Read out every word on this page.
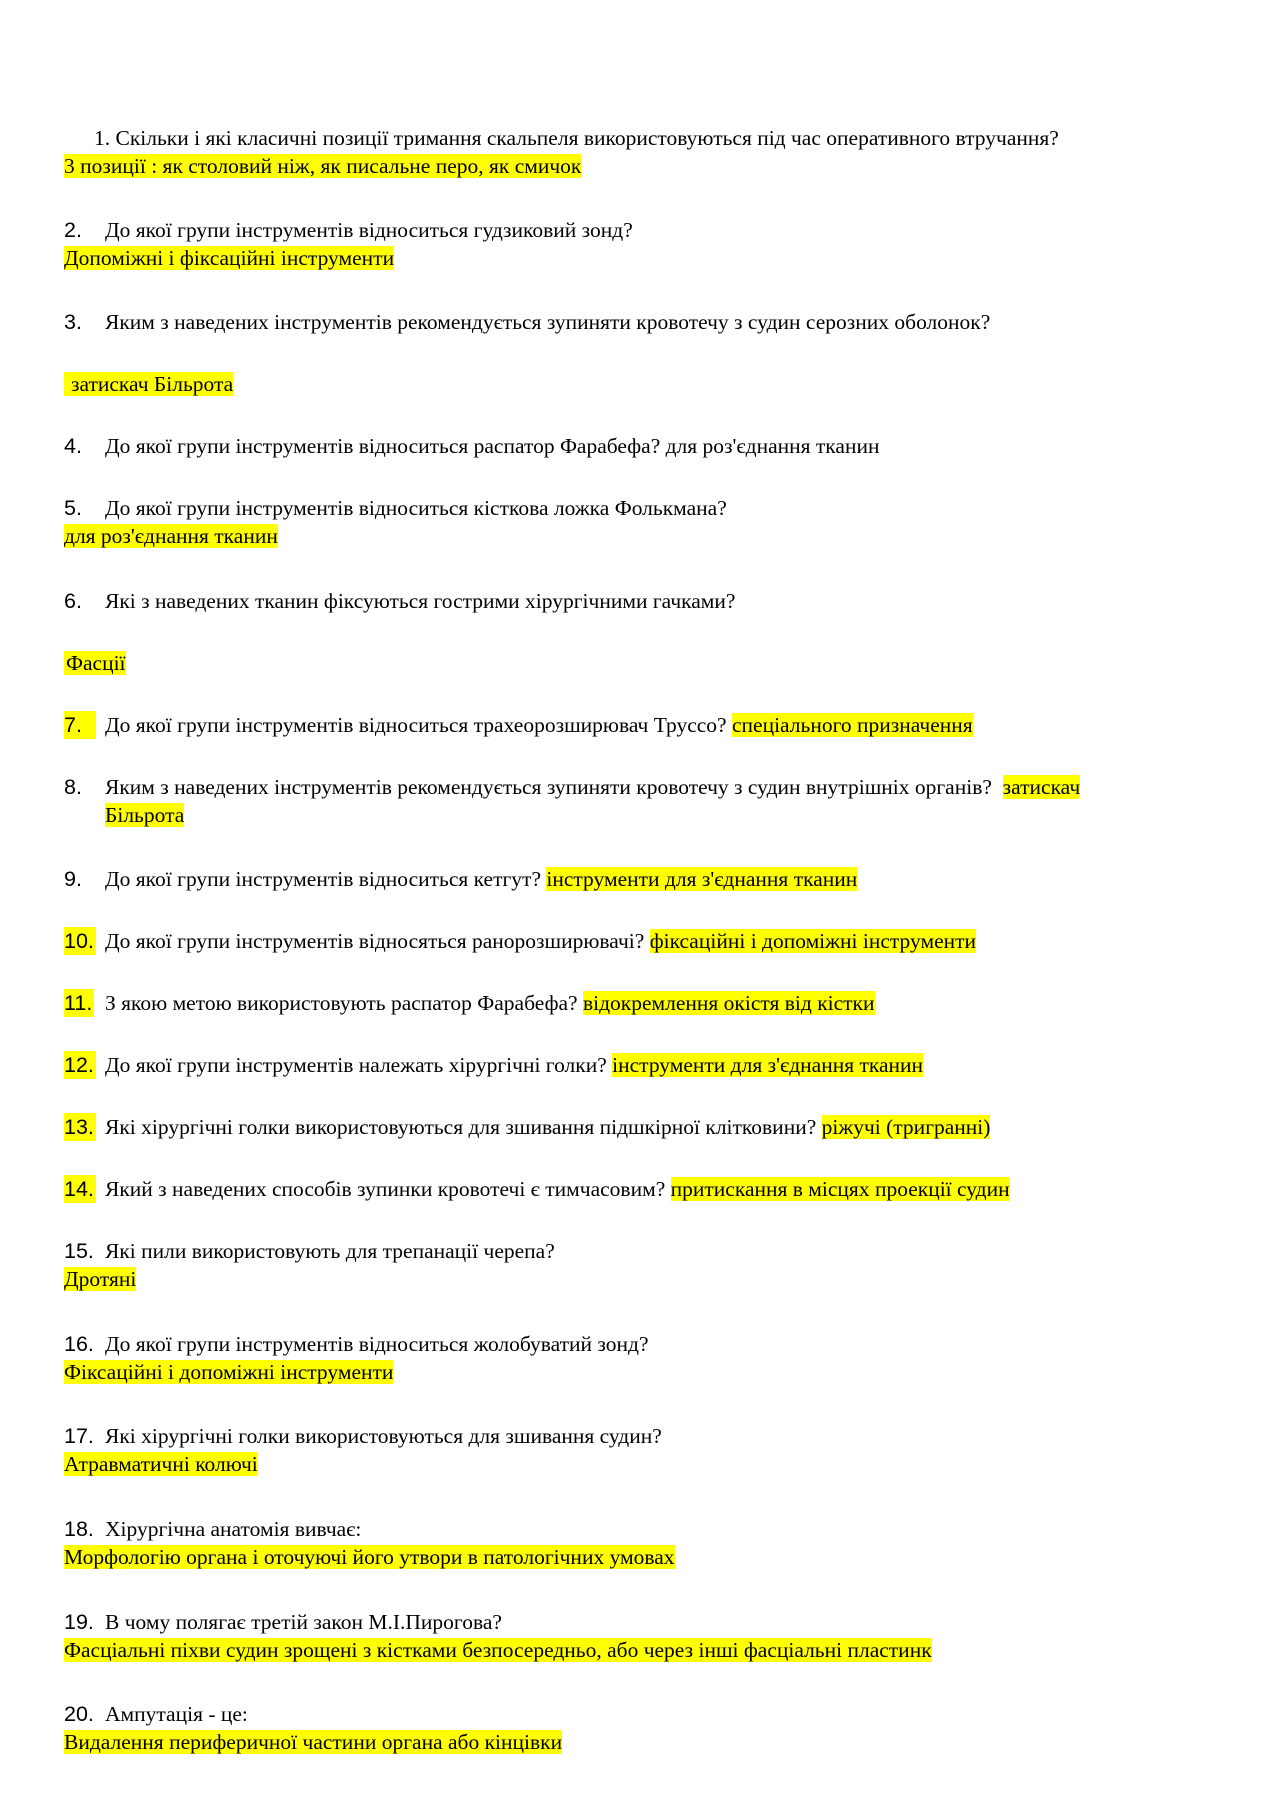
1. Скільки і які класичні позиції тримання скальпеля використовуються під час оперативного втручання?
3 позиції : як столовий ніж, як писальне перо, як смичок
2. До якої групи інструментів відноситься гудзиковий зонд?
Допоміжні і фіксаційні інструменти
3. Яким з наведених інструментів рекомендується зупиняти кровотечу з судин серозних оболонок?
затискач Більрота
4. До якої групи інструментів відноситься распатор Фарабефа? для роз'єднання тканин
5. До якої групи інструментів відноситься кісткова ложка Фолькмана?
для роз'єднання тканин
6. Які з наведених тканин фіксуються гострими хірургічними гачками?
Фасції
7.	До якої групи інструментів відноситься трахеорозширювач Труссо? спеціального призначення
8. Яким з наведених інструментів рекомендується зупиняти кровотечу з судин внутрішніх органів? затискач
Більрота
9. До якої групи інструментів відноситься кетгут? інструменти для з'єднання тканин
10. До якої групи інструментів відносяться ранорозширювачі? фіксаційні і допоміжні інструменти
11. З якою метою використовують распатор Фарабефа? відокремлення окістя від кістки
12. До якої групи інструментів належать хірургічні голки? інструменти для з'єднання тканин
13. Які хірургічні голки використовуються для зшивання підшкірної клітковини? ріжучі (тригранні)
14. Який з наведених способів зупинки кровотечі є тимчасовим? притискання в місцях проекції судин
15. Які пили використовують для трепанації черепа?
Дротяні
16. До якої групи інструментів відноситься жолобуватий зонд?
Фіксаційні і допоміжні інструменти
17. Які хірургічні голки використовуються для зшивання судин?
Атравматичні колючі
18. Хірургічна анатомія вивчає:
Морфологію органа і оточуючі його утвори в патологічних умовах
19. В чому полягає третій закон М.І.Пирогова?
Фасціальні піхви судин зрощені з кістками безпосередньо, або через інші фасціальні пластинк
20. Ампутація - це:
Видалення периферичної частини органа або кінцівки
